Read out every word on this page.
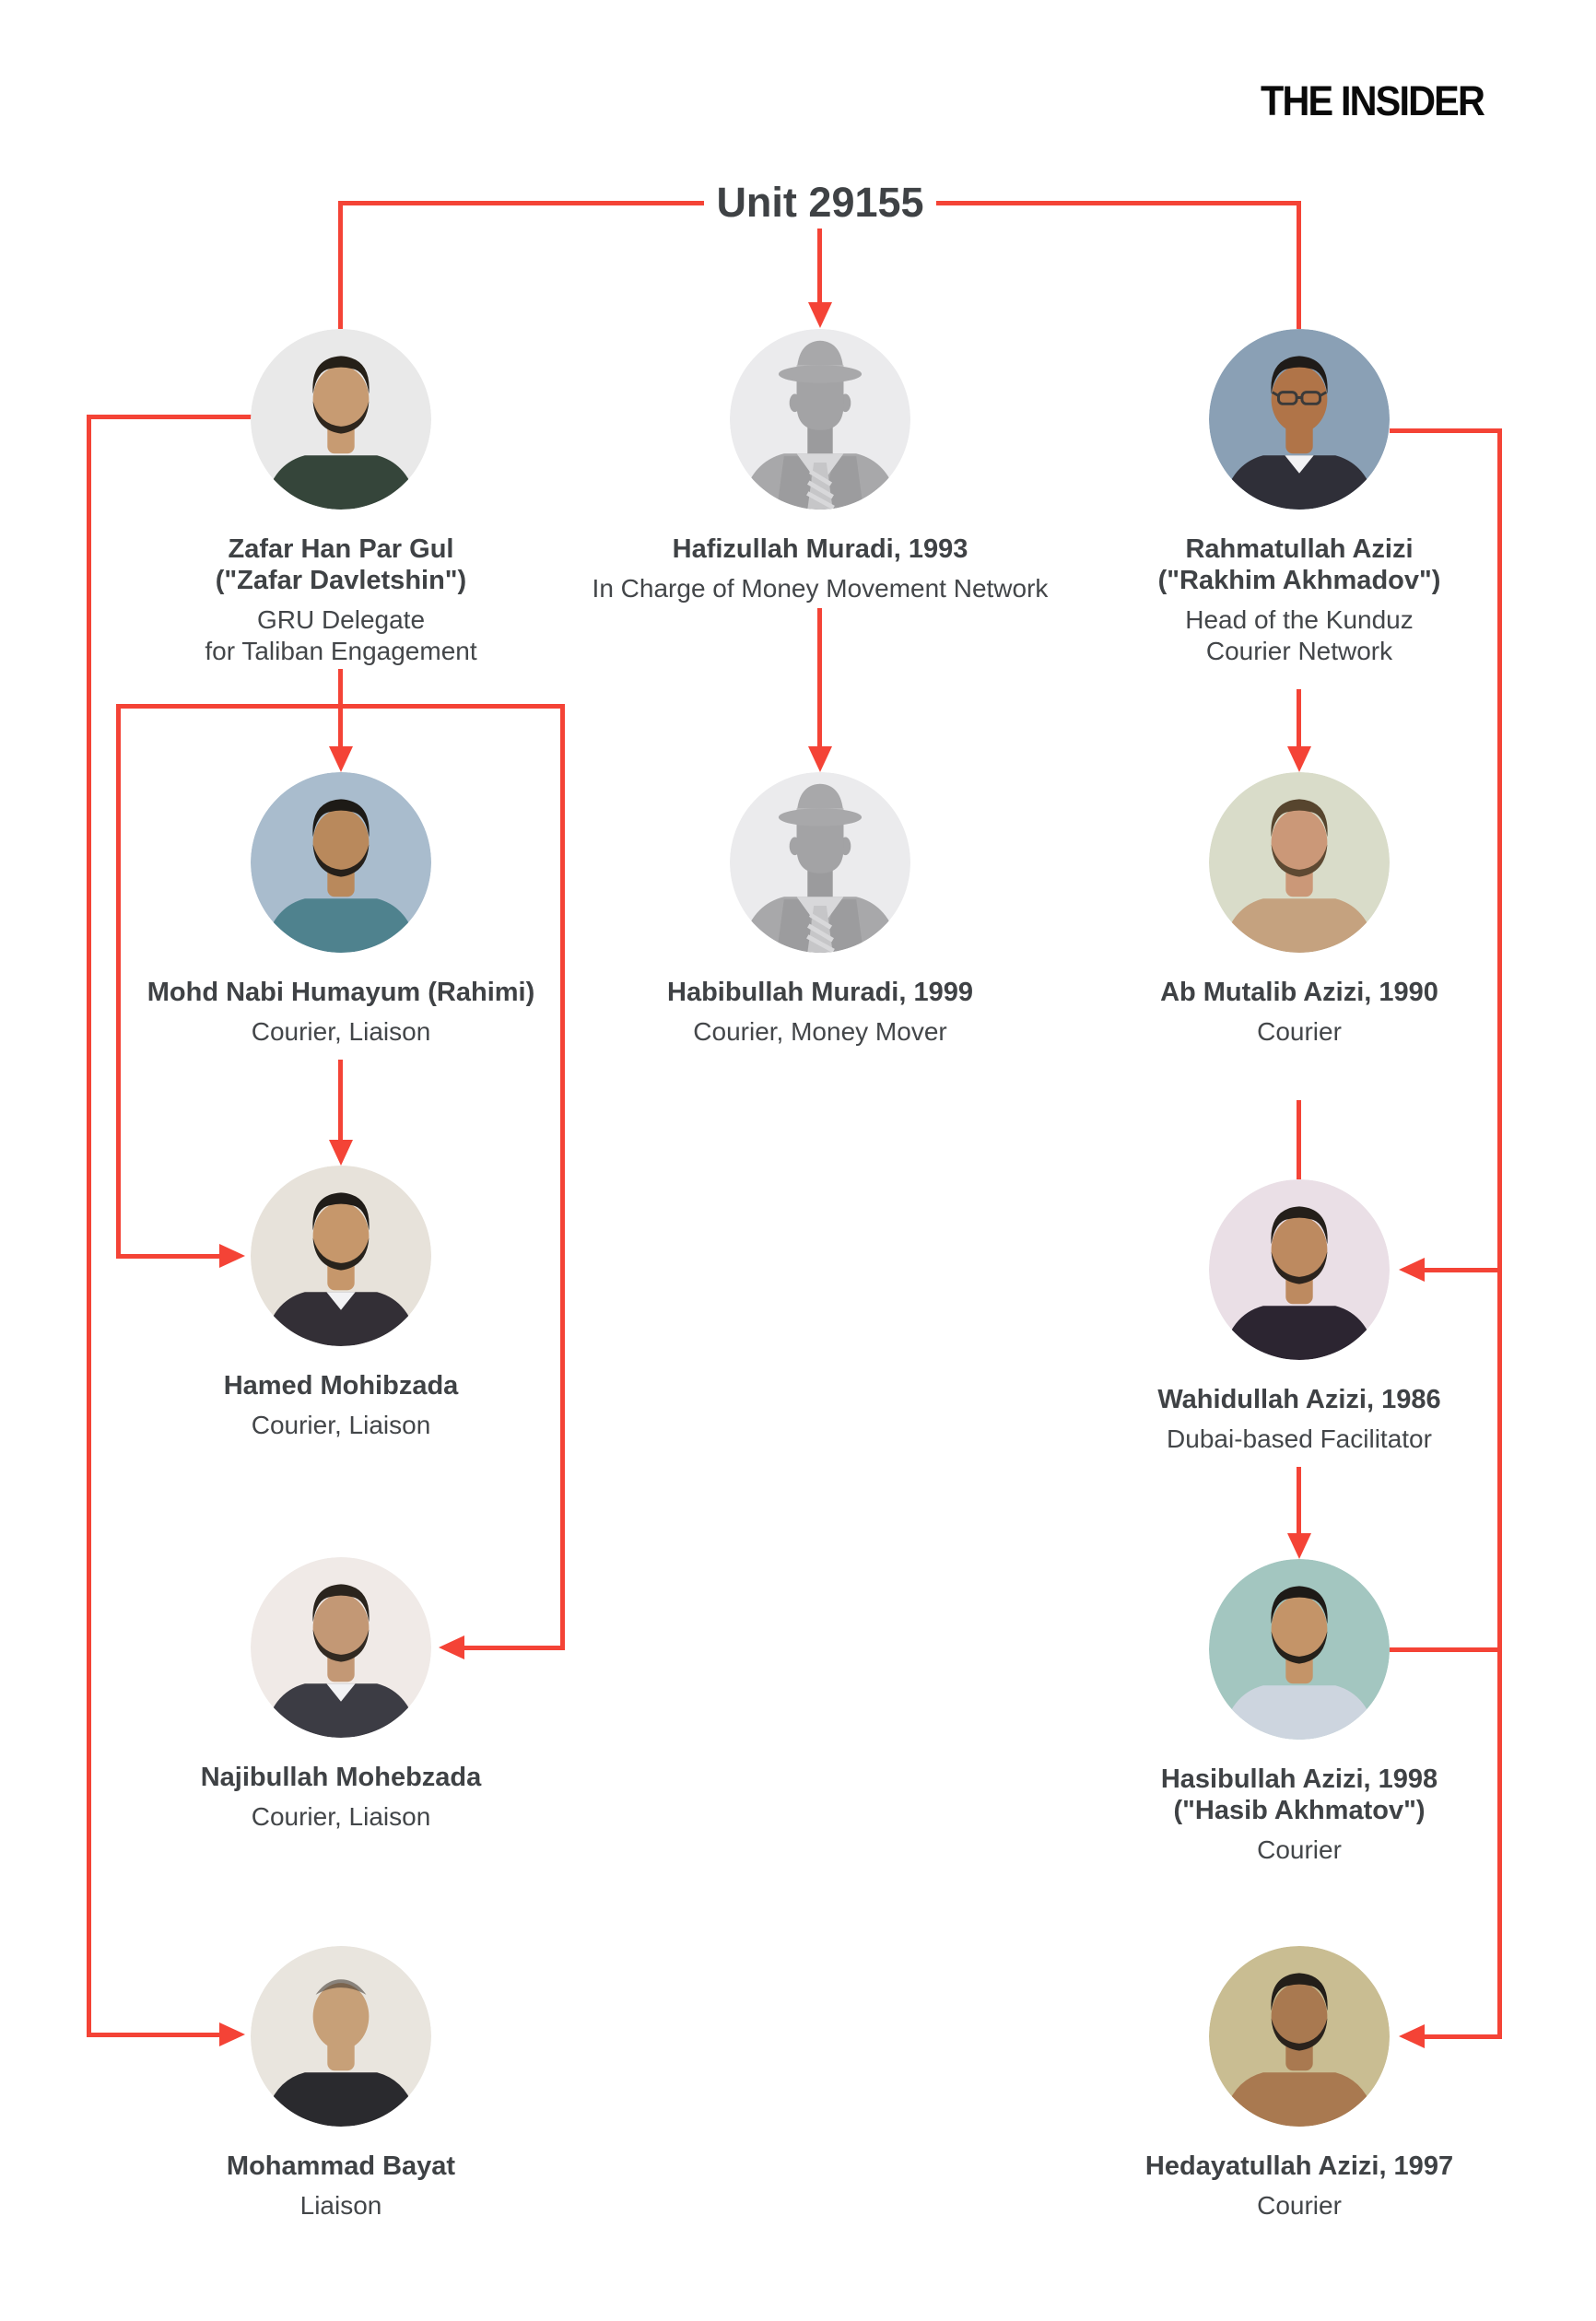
THE INSIDER
Unit 29155
Zafar Han Par Gul
("Zafar Davletshin")
GRU Delegate
for Taliban Engagement
Hafizullah Muradi, 1993
In Charge of Money Movement Network
Rahmatullah Azizi
("Rakhim Akhmadov")
Head of the Kunduz
Courier Network
Mohd Nabi Humayum (Rahimi)
Courier, Liaison
Habibullah Muradi, 1999
Courier, Money Mover
Ab Mutalib Azizi, 1990
Courier
Hamed Mohibzada
Courier, Liaison
Wahidullah Azizi, 1986
Dubai-based Facilitator
Najibullah Mohebzada
Courier, Liaison
Hasibullah Azizi, 1998
("Hasib Akhmatov")
Courier
Mohammad Bayat
Liaison
Hedayatullah Azizi, 1997
Courier
